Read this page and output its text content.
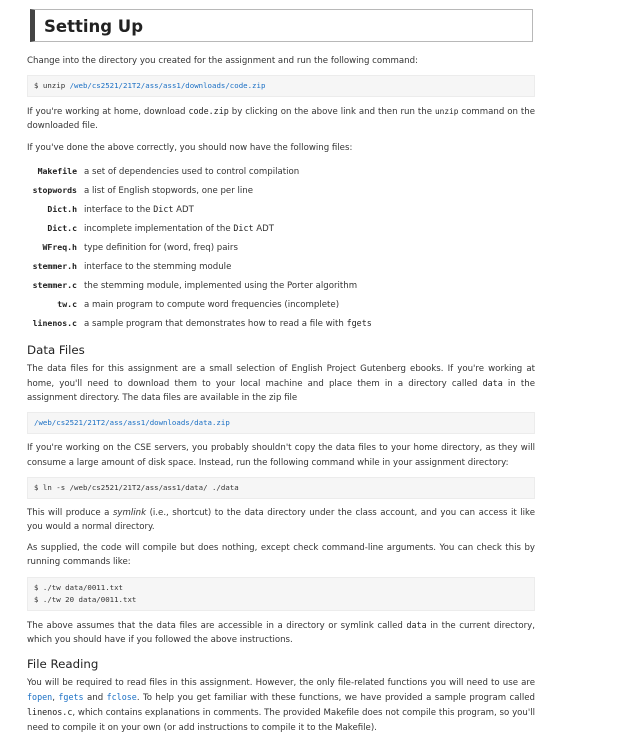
Setting Up

Change into the directory you created for the assignment and run the following command:

$ unzip /web/cs2521/21T2/ass/ass1/downloads/code.zip

If you're working at home, download code.zip by clicking on the above link and then run the unzip command on the downloaded file.

If you've done the above correctly, you should now have the following files:

Makefile	a set of dependencies used to control compilation
stopwords	a list of English stopwords, one per line
Dict.h	interface to the Dict ADT
Dict.c	incomplete implementation of the Dict ADT
WFreq.h	type definition for (word, freq) pairs
stemmer.h	interface to the stemming module
stemmer.c	the stemming module, implemented using the Porter algorithm
tw.c	a main program to compute word frequencies (incomplete)
linenos.c	a sample program that demonstrates how to read a file with fgets
Data Files

The data files for this assignment are a small selection of English Project Gutenberg ebooks. If you're working at home, you'll need to download them to your local machine and place them in a directory called data in the assignment directory. The data files are available in the zip file

/web/cs2521/21T2/ass/ass1/downloads/data.zip

If you're working on the CSE servers, you probably shouldn't copy the data files to your home directory, as they will consume a large amount of disk space. Instead, run the following command while in your assignment directory:

$ ln -s /web/cs2521/21T2/ass/ass1/data/ ./data

This will produce a symlink (i.e., shortcut) to the data directory under the class account, and you can access it like you would a normal directory.

As supplied, the code will compile but does nothing, except check command-line arguments. You can check this by running commands like:

$ ./tw data/0011.txt
$ ./tw 20 data/0011.txt

The above assumes that the data files are accessible in a directory or symlink called data in the current directory, which you should have if you followed the above instructions.

File Reading

You will be required to read files in this assignment. However, the only file-related functions you will need to use are fopen, fgets and fclose. To help you get familiar with these functions, we have provided a sample program called linenos.c, which contains explanations in comments. The provided Makefile does not compile this program, so you'll need to compile it on your own (or add instructions to compile it to the Makefile).
